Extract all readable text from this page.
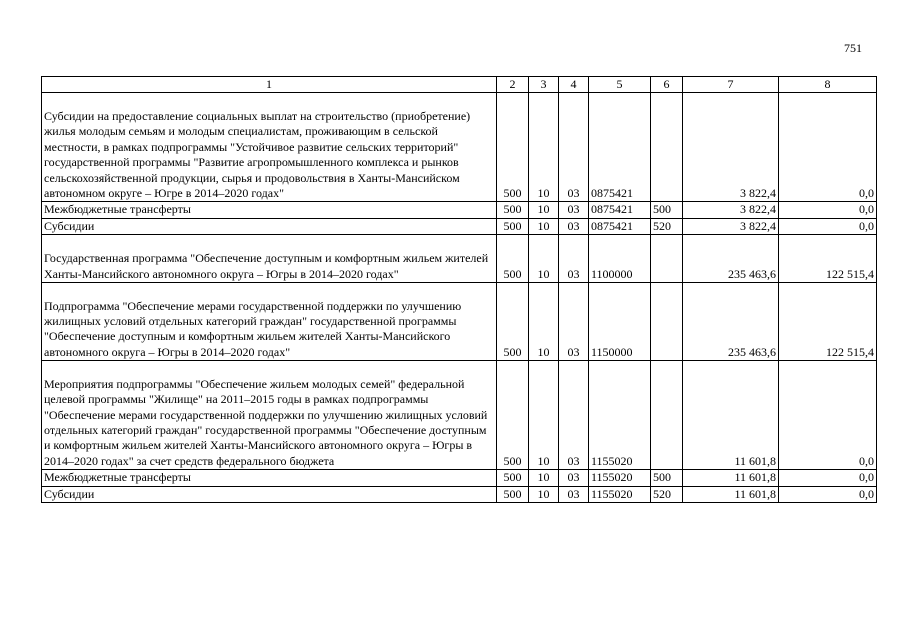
751
1	2	3	4	5	6	7	8

Субсидии на предоставление социальных выплат на строительство (приобретение) жилья молодым семьям и молодым специалистам, проживающим в сельской местности, в рамках подпрограммы "Устойчивое развитие сельских территорий" государственной программы "Развитие агропромышленного комплекса и рынков сельскохозяйственной продукции, сырья и продовольствия в Ханты-Мансийском автономном округе – Югре в 2014–2020 годах"	500	10	03	0875421		3 822,4	0,0
Межбюджетные трансферты	500	10	03	0875421	500	3 822,4	0,0
Субсидии	500	10	03	0875421	520	3 822,4	0,0

Государственная программа "Обеспечение доступным и комфортным жильем жителей Ханты-Мансийского автономного округа – Югры в 2014–2020 годах"	500	10	03	1100000		235 463,6	122 515,4

Подпрограмма "Обеспечение мерами государственной поддержки по улучшению жилищных условий отдельных категорий граждан" государственной программы "Обеспечение доступным и комфортным жильем жителей Ханты-Мансийского автономного округа – Югры в 2014–2020 годах"	500	10	03	1150000		235 463,6	122 515,4

Мероприятия подпрограммы "Обеспечение жильем молодых семей" федеральной целевой программы "Жилище" на 2011–2015 годы в рамках подпрограммы "Обеспечение мерами государственной поддержки по улучшению жилищных условий отдельных категорий граждан" государственной программы "Обеспечение доступным и комфортным жильем жителей Ханты-Мансийского автономного округа – Югры в 2014–2020 годах" за счет средств федерального бюджета	500	10	03	1155020		11 601,8	0,0
Межбюджетные трансферты	500	10	03	1155020	500	11 601,8	0,0
Субсидии	500	10	03	1155020	520	11 601,8	0,0
